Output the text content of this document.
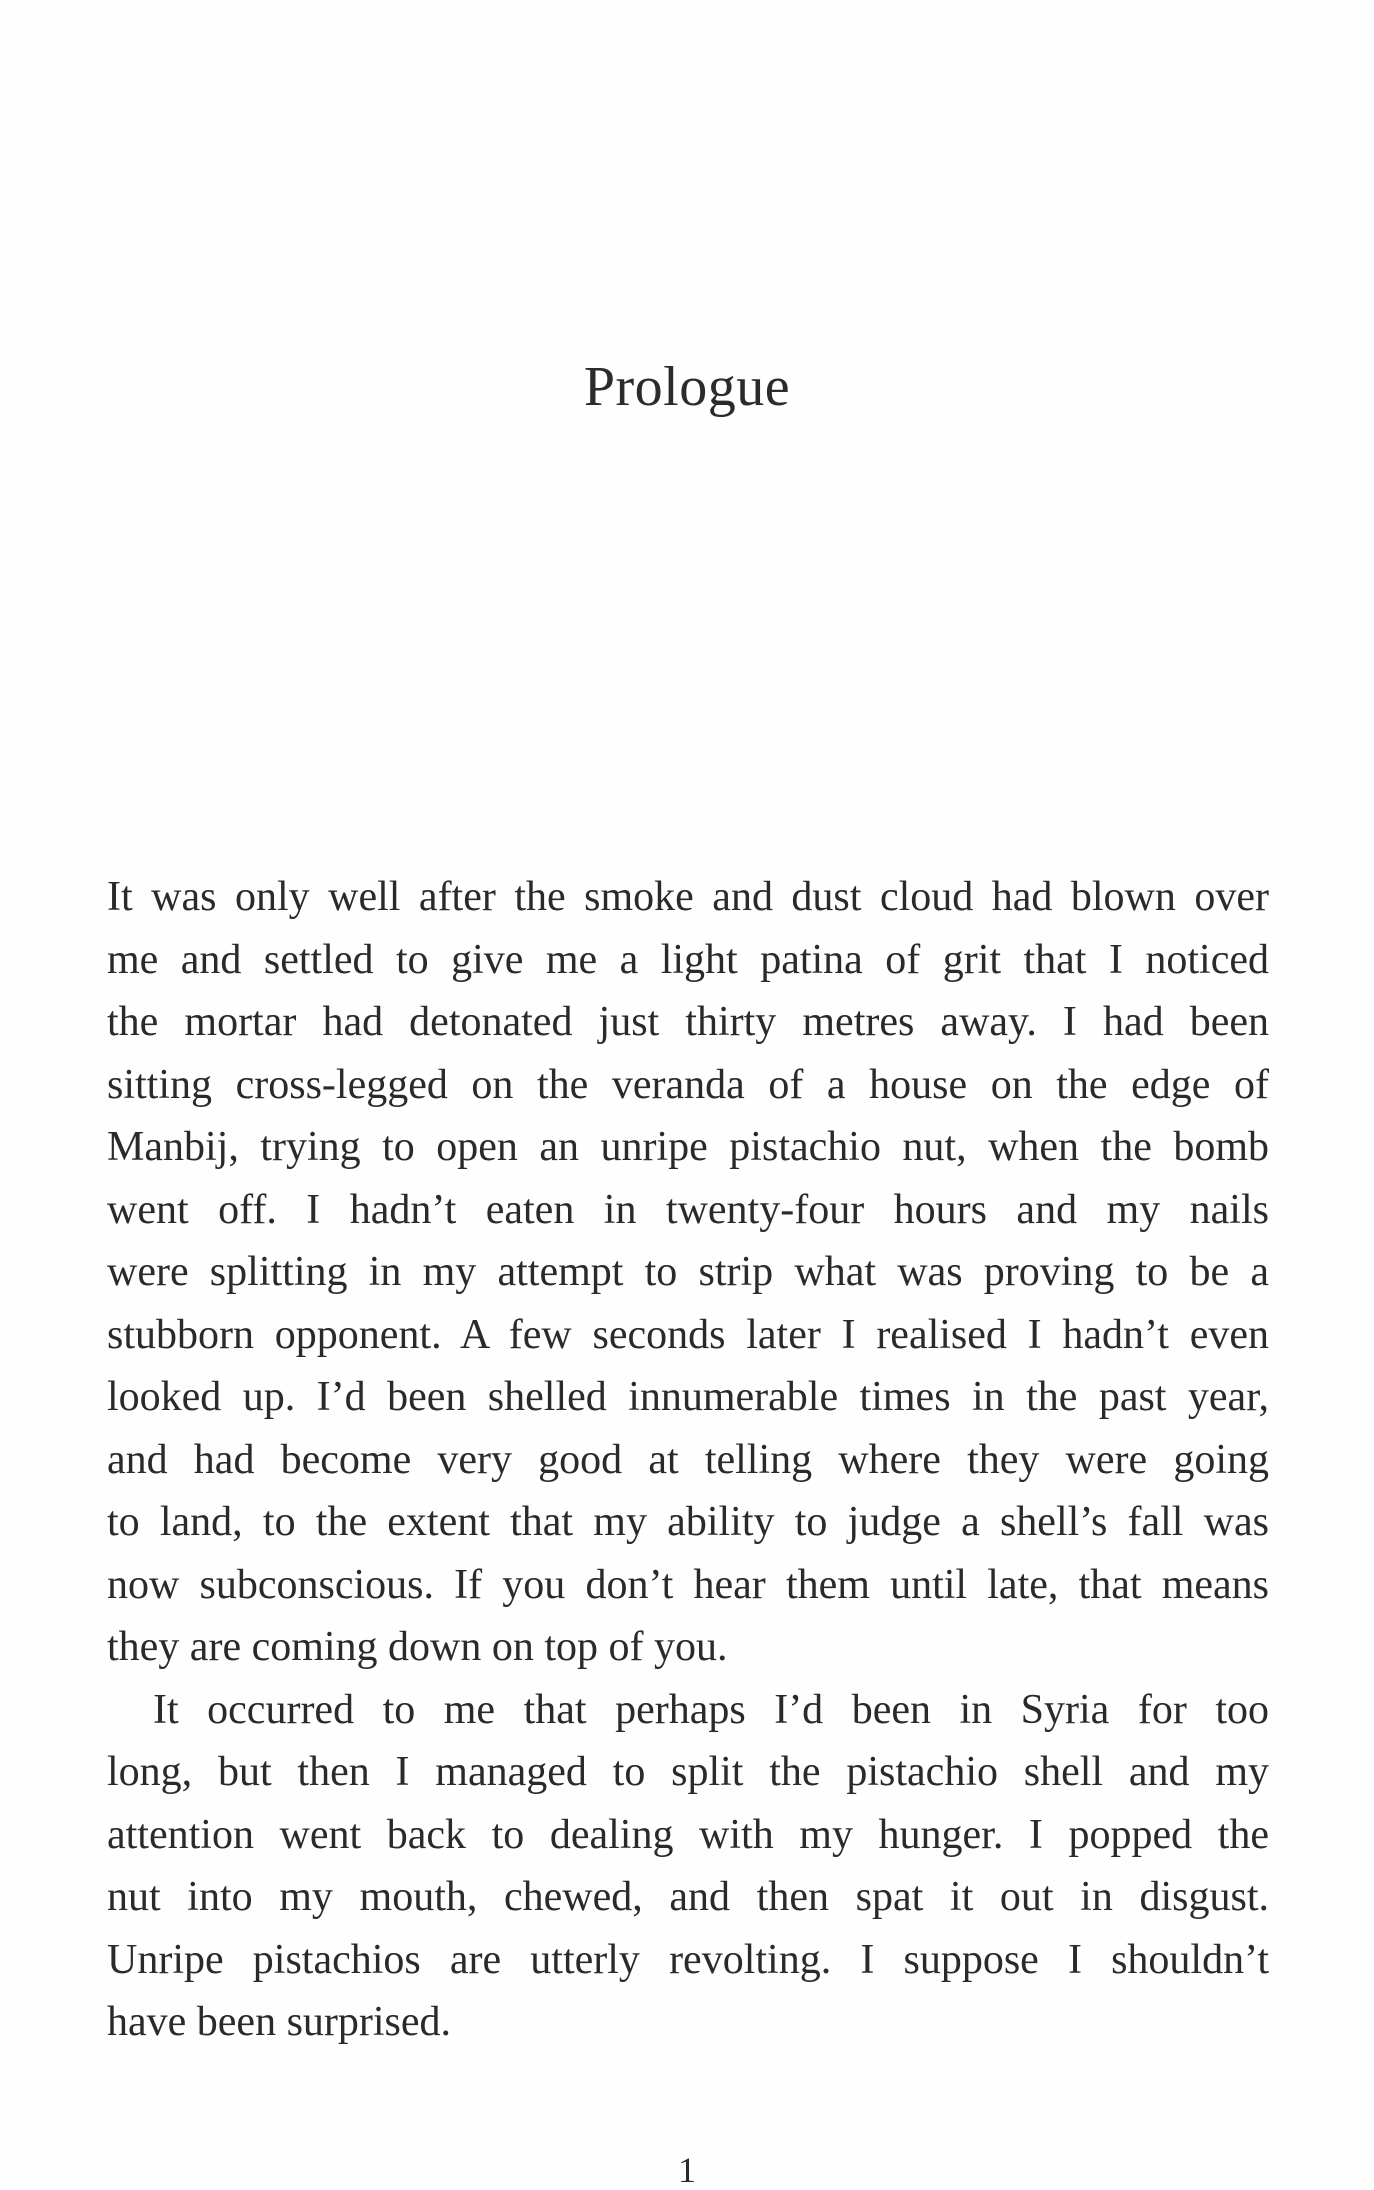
Prologue
It was only well after the smoke and dust cloud had blown over
me and settled to give me a light patina of grit that I noticed
the mortar had detonated just thirty metres away. I had been
sitting cross-legged on the veranda of a house on the edge of
Manbij, trying to open an unripe pistachio nut, when the bomb
went off. I hadn’t eaten in twenty-four hours and my nails
were splitting in my attempt to strip what was proving to be a
stubborn opponent. A few seconds later I realised I hadn’t even
looked up. I’d been shelled innumerable times in the past year,
and had become very good at telling where they were going
to land, to the extent that my ability to judge a shell’s fall was
now subconscious. If you don’t hear them until late, that means
they are coming down on top of you.
It occurred to me that perhaps I’d been in Syria for too
long, but then I managed to split the pistachio shell and my
attention went back to dealing with my hunger. I popped the
nut into my mouth, chewed, and then spat it out in disgust.
Unripe pistachios are utterly revolting. I suppose I shouldn’t
have been surprised.
1
